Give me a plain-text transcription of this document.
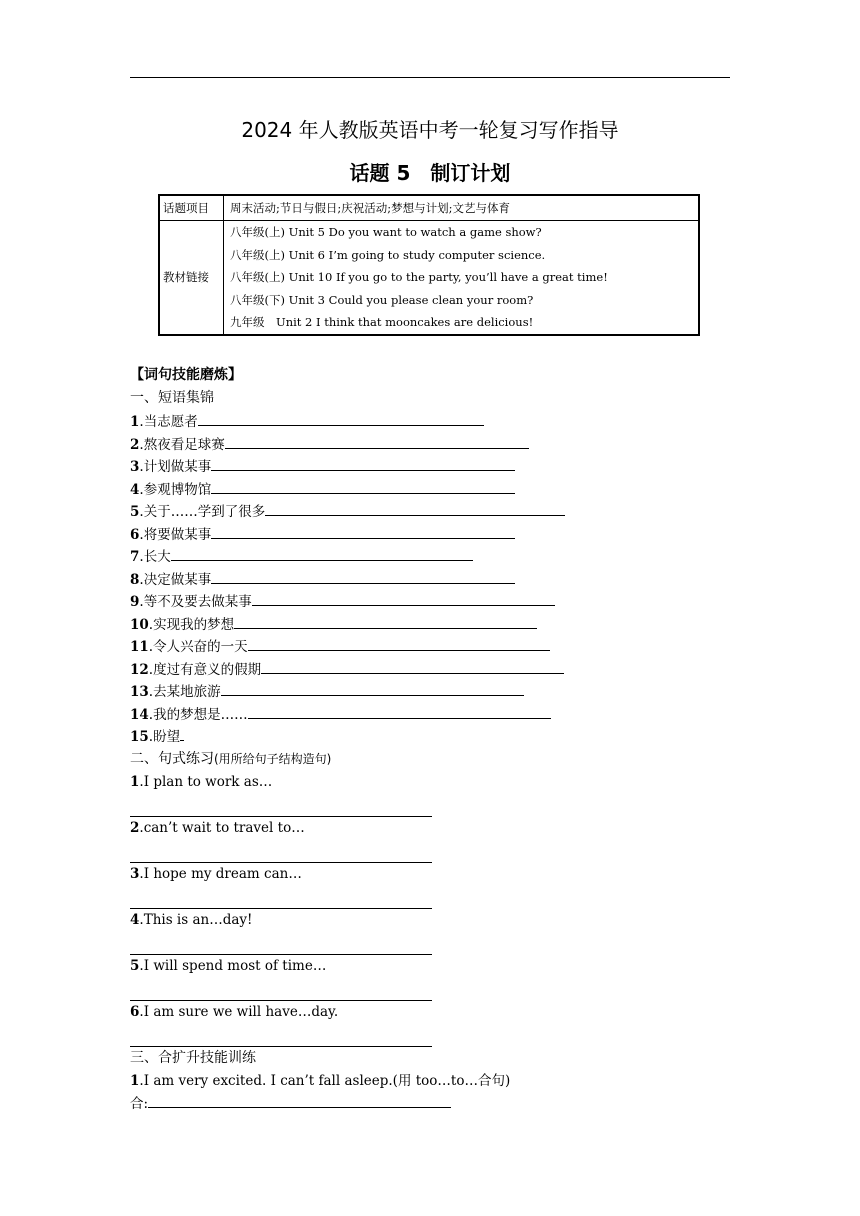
2024 年人教版英语中考一轮复习写作指导
话题 5　制订计划
话题项目	周末活动;节日与假日;庆祝活动;梦想与计划;文艺与体育
教材链接	八年级(上) Unit 5 Do you want to watch a game show?
八年级(上) Unit 6 I’m going to study computer science.
八年级(上) Unit 10 If you go to the party, you’ll have a great time!
八年级(下) Unit 3 Could you please clean your room?
九年级　Unit 2 I think that mooncakes are delicious!
【词句技能磨炼】
一、短语集锦
1.当志愿者
2.熬夜看足球赛
3.计划做某事
4.参观博物馆
5.关于……学到了很多
6.将要做某事
7.长大
8.决定做某事
9.等不及要去做某事
10.实现我的梦想
11.令人兴奋的一天
12.度过有意义的假期
13.去某地旅游
14.我的梦想是……
15.盼望
二、句式练习(用所给句子结构造句)
1.I plan to work as…
2.can’t wait to travel to…
3.I hope my dream can…
4.This is an…day!
5.I will spend most of time…
6.I am sure we will have…day.
三、合扩升技能训练
1.I am very excited. I can’t fall asleep.(用 too…to…合句)
合:
